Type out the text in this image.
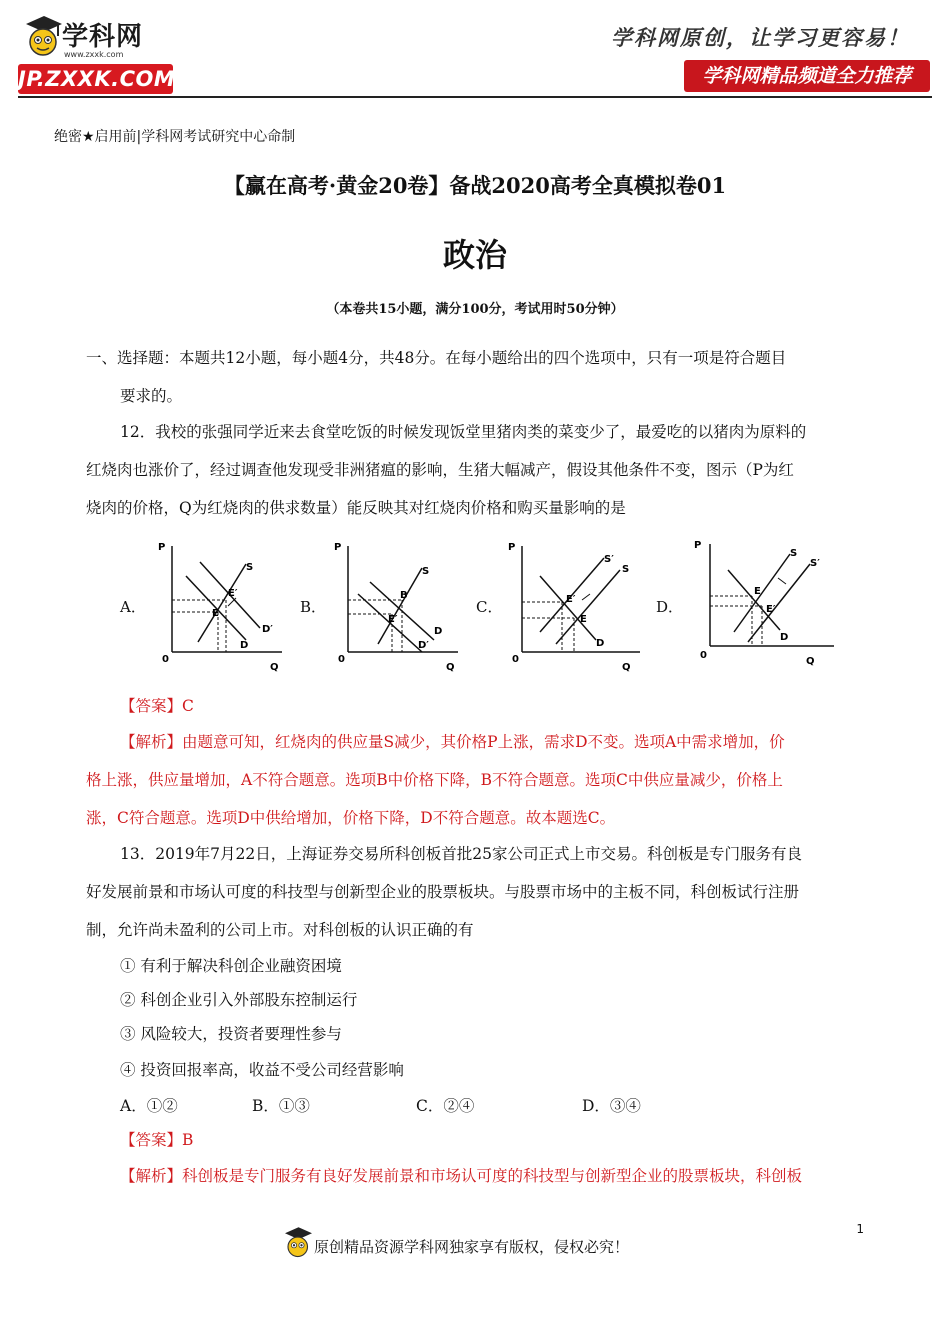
学科网
www.zxxk.com
JP.ZXXK.COM
学科网原创，让学习更容易！
学科网精品频道全力推荐
绝密★启用前|学科网考试研究中心命制
【赢在高考·黄金20卷】备战2020高考全真模拟卷01
政治
（本卷共15小题，满分100分，考试用时50分钟）
一、选择题：本题共12小题，每小题4分，共48分。在每小题给出的四个选项中，只有一项是符合题目
要求的。
12．我校的张强同学近来去食堂吃饭的时候发现饭堂里猪肉类的菜变少了，最爱吃的以猪肉为原料的
红烧肉也涨价了，经过调查他发现受非洲猪瘟的影响，生猪大幅减产，假设其他条件不变，图示（P为红
烧肉的价格，Q为红烧肉的供求数量）能反映其对红烧肉价格和购买量影响的是
A．	B．	C．	D．
P
Q
0
S
D
D′
E′
E
P
Q
0
S
D
D′
B
E′
P
Q
0
S′
S
D
E′
E
P
Q
0
S
S′
D
E
E′
【答案】C
【解析】由题意可知，红烧肉的供应量S减少，其价格P上涨，需求D不变。选项A中需求增加，价
格上涨，供应量增加，A不符合题意。选项B中价格下降，B不符合题意。选项C中供应量减少，价格上
涨，C符合题意。选项D中供给增加，价格下降，D不符合题意。故本题选C。
13．2019年7月22日，上海证券交易所科创板首批25家公司正式上市交易。科创板是专门服务有良
好发展前景和市场认可度的科技型与创新型企业的股票板块。与股票市场中的主板不同，科创板试行注册
制，允许尚未盈利的公司上市。对科创板的认识正确的有
① 有利于解决科创企业融资困境
② 科创企业引入外部股东控制运行
③ 风险较大，投资者要理性参与
④ 投资回报率高，收益不受公司经营影响
A．①②	B．①③	C．②④	D．③④
【答案】B
【解析】科创板是专门服务有良好发展前景和市场认可度的科技型与创新型企业的股票板块，科创板
1
原创精品资源学科网独家享有版权，侵权必究！
